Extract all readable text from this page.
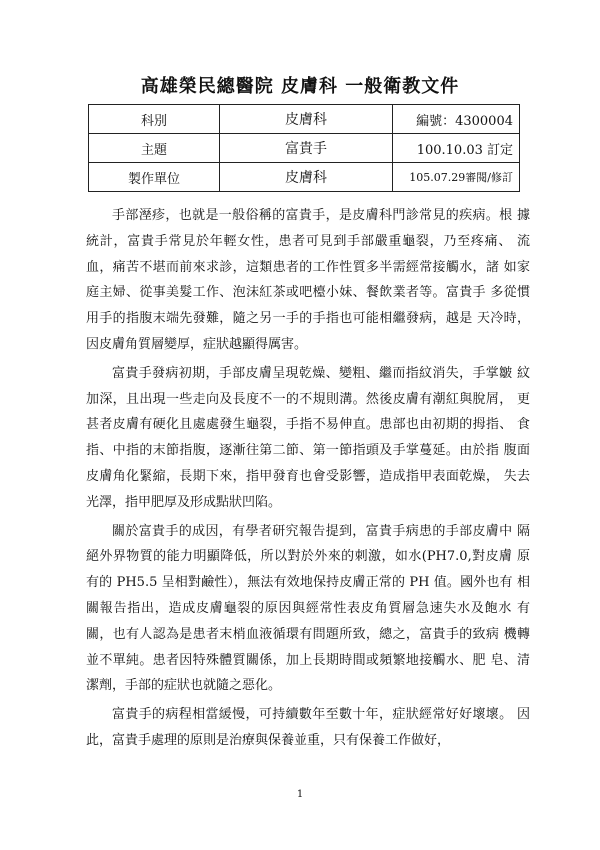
高雄榮民總醫院 皮膚科 一般衛教文件
科別	皮膚科	編號：4300004
主題	富貴手	100.10.03 訂定
製作單位	皮膚科	105.07.29審閱/修訂

手部溼疹，也就是一般俗稱的富貴手，是皮膚科門診常見的疾病。根 據統計，富貴手常見於年輕女性，患者可見到手部嚴重龜裂，乃至疼痛、 流血，痛苦不堪而前來求診，這類患者的工作性質多半需經常接觸水，諸 如家庭主婦、從事美髮工作、泡沫紅茶或吧檯小妹、餐飲業者等。富貴手 多從慣用手的指腹末端先發難，隨之另一手的手指也可能相繼發病，越是 天冷時，因皮膚角質層變厚，症狀越顯得厲害。

富貴手發病初期，手部皮膚呈現乾燥、變粗、繼而指紋消失，手掌皺 紋加深，且出現一些走向及長度不一的不規則溝。然後皮膚有潮紅與脫屑， 更甚者皮膚有硬化且處處發生龜裂，手指不易伸直。患部也由初期的拇指、 食指、中指的末節指腹，逐漸往第二節、第一節指頭及手掌蔓延。由於指 腹面皮膚角化緊縮，長期下來，指甲發育也會受影響，造成指甲表面乾燥， 失去光澤，指甲肥厚及形成點狀凹陷。

關於富貴手的成因，有學者研究報告提到，富貴手病患的手部皮膚中 隔絕外界物質的能力明顯降低，所以對於外來的刺激，如水(PH7.0,對皮膚 原有的 PH5.5 呈相對鹼性），無法有效地保持皮膚正常的 PH 值。國外也有 相關報告指出，造成皮膚龜裂的原因與經常性表皮角質層急速失水及飽水 有關，也有人認為是患者末梢血液循環有問題所致，總之，富貴手的致病 機轉並不單純。患者因特殊體質關係，加上長期時間或頻繁地接觸水、肥 皂、清潔劑，手部的症狀也就隨之惡化。

富貴手的病程相當緩慢，可持續數年至數十年，症狀經常好好壞壞。 因此，富貴手處理的原則是治療與保養並重，只有保養工作做好，

1
